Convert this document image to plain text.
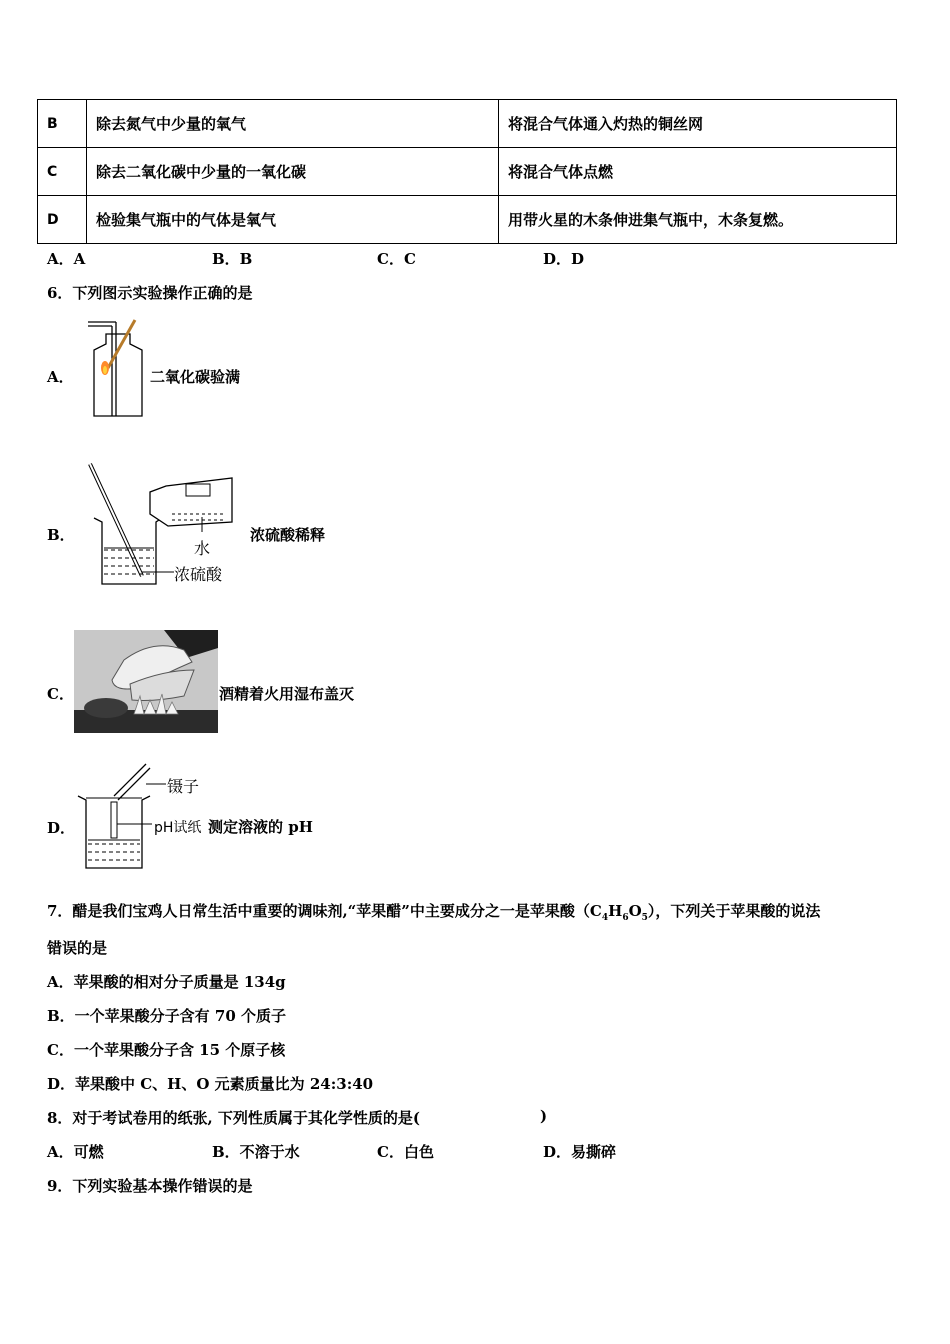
B	除去氮气中少量的氧气	将混合气体通入灼热的铜丝网
C	除去二氧化碳中少量的一氧化碳	将混合气体点燃
D	检验集气瓶中的气体是氧气	用带火星的木条伸进集气瓶中，木条复燃。
A．A	B．B	C．C	D．D
6．下列图示实验操作正确的是
A．	二氧化碳验满
B．
水
浓硫酸
浓硫酸稀释
C．	酒精着火用湿布盖灭
D．
镊子
pH试纸 测定溶液的 pH
7．醋是我们宝鸡人日常生活中重要的调味剂,“苹果醋”中主要成分之一是苹果酸$(C_4H_6O_5)$，下列关于苹果酸的说法
错误的是
A．苹果酸的相对分子质量是 134g
B．一个苹果酸分子含有 70 个质子
C．一个苹果酸分子含 15 个原子核
D．苹果酸中 C、H、O 元素质量比为 24:3:40
8．对于考试卷用的纸张, 下列性质属于其化学性质的是(	)
A．可燃	B．不溶于水	C．白色	D．易撕碎
9．下列实验基本操作错误的是
